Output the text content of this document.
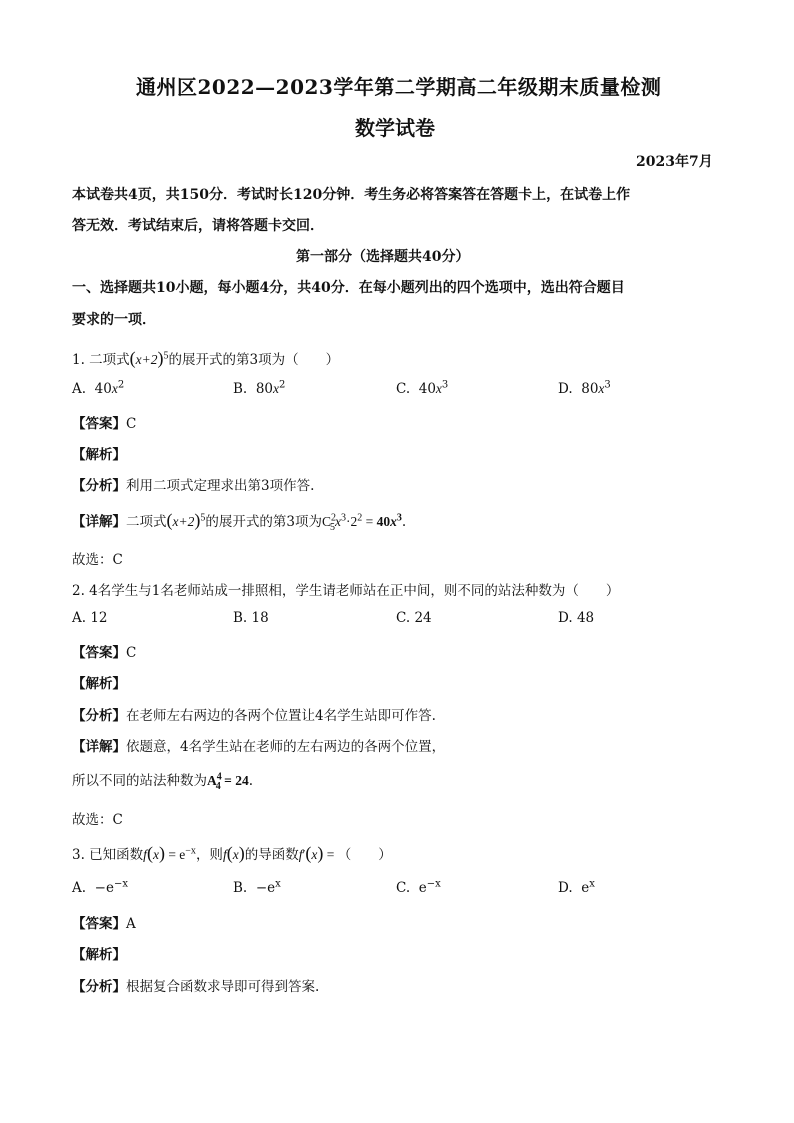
通州区2022—2023学年第二学期高二年级期末质量检测
数学试卷
2023年7月
本试卷共4页，共150分．考试时长120分钟．考生务必将答案答在答题卡上，在试卷上作
答无效．考试结束后，请将答题卡交回．
第一部分（选择题共40分）
一、选择题共10小题，每小题4分，共40分．在每小题列出的四个选项中，选出符合题目
要求的一项．
1. 二项式$(x+2)^5$的展开式的第3项为（　　）
A. $40x^2$	B. $80x^2$	C. $40x^3$	D. $80x^3$
【答案】C
【解析】
【分析】利用二项式定理求出第3项作答.
【详解】二项式$(x+2)^5$的展开式的第3项为$C^2_5x^3\cdot 2^2 = 40x^3$.
故选：C
2. 4名学生与1名老师站成一排照相，学生请老师站在正中间，则不同的站法种数为（　　）
A. 12	B. 18	C. 24	D. 48
【答案】C
【解析】
【分析】在老师左右两边的各两个位置让4名学生站即可作答.
【详解】依题意，4名学生站在老师的左右两边的各两个位置，
所以不同的站法种数为$A^4_4 = 24$.
故选：C
3. 已知函数$f(x) = e^{-x}$，则f(x)的导函数f′(x) = （　　）
A. $-e^{-x}$	B. $-e^x$	C. $e^{-x}$	D. $e^x$
【答案】A
【解析】
【分析】根据复合函数求导即可得到答案.
